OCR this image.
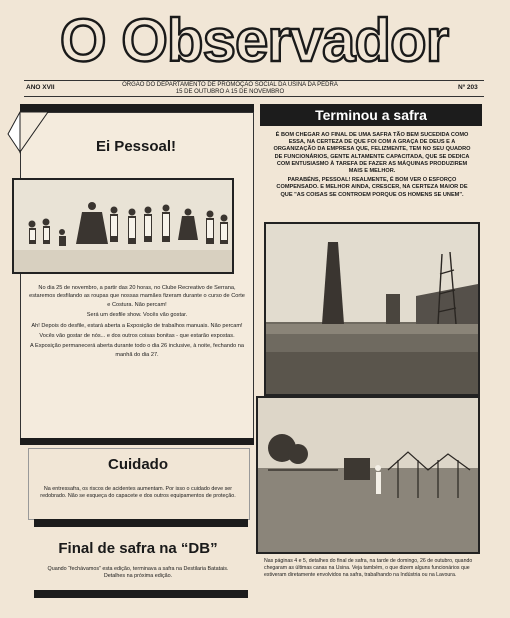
O Observador
ANO XVII	ÓRGÃO DO DEPARTAMENTO DE PROMOÇÃO SOCIAL DA USINA DA PEDRA
15 DE OUTUBRO A 15 DE NOVEMBRO
Nº 203
Ei Pessoal!

No dia 25 de novembro, a partir das 20 horas, no Clube Recreativo de Serrana, estaremos desfilando as roupas que nossas mamães fizeram durante o curso de Corte e Costura. Não percam!

Será um desfile show. Vocês vão gostar.

Ah! Depois do desfile, estará aberta a Exposição de trabalhos manuais. Não percam!

Vocês vão gostar de nós... e dos outros coisas bonitas - que estarão expostas.

A Exposição permanecerá aberta durante todo o dia 26 inclusive, à noite, fechando na manhã do dia 27.

Cuidado
Na entressafra, os riscos de acidentes aumentam. Por isso o cuidado deve ser redobrado. Não se esqueça do capacete e dos outros equipamentos de proteção.
Final de safra na “DB”
Quando “fechávamos” esta edição, terminava a safra na Destilaria Batatais. Detalhes na próxima edição.
Terminou a safra

É BOM CHEGAR AO FINAL DE UMA SAFRA TÃO BEM SUCEDIDA COMO ESSA, NA CERTEZA DE QUE FOI COM A GRAÇA DE DEUS E A ORGANIZAÇÃO DA EMPRESA QUE, FELIZMENTE, TEM NO SEU QUADRO DE FUNCIONÁRIOS, GENTE ALTAMENTE CAPACITADA, QUE SE DEDICA COM ENTUSIASMO À TAREFA DE FAZER AS MÁQUINAS PRODUZIREM MAIS E MELHOR.

PARABÉNS, PESSOAL! REALMENTE, É BOM VER O ESFORÇO COMPENSADO. E MELHOR AINDA, CRESCER, NA CERTEZA MAIOR DE QUE "AS COISAS SE CONTROEM PORQUE OS HOMENS SE UNEM".

Nas páginas 4 e 5, detalhes do final de safra, na tarde de domingo, 26 de outubro, quando chegaram as últimas canas na Usina. Veja também, o que dizem alguns funcionários que estiveram diretamente envolvidos na safra, trabalhando na Indústria ou na Lavoura.
